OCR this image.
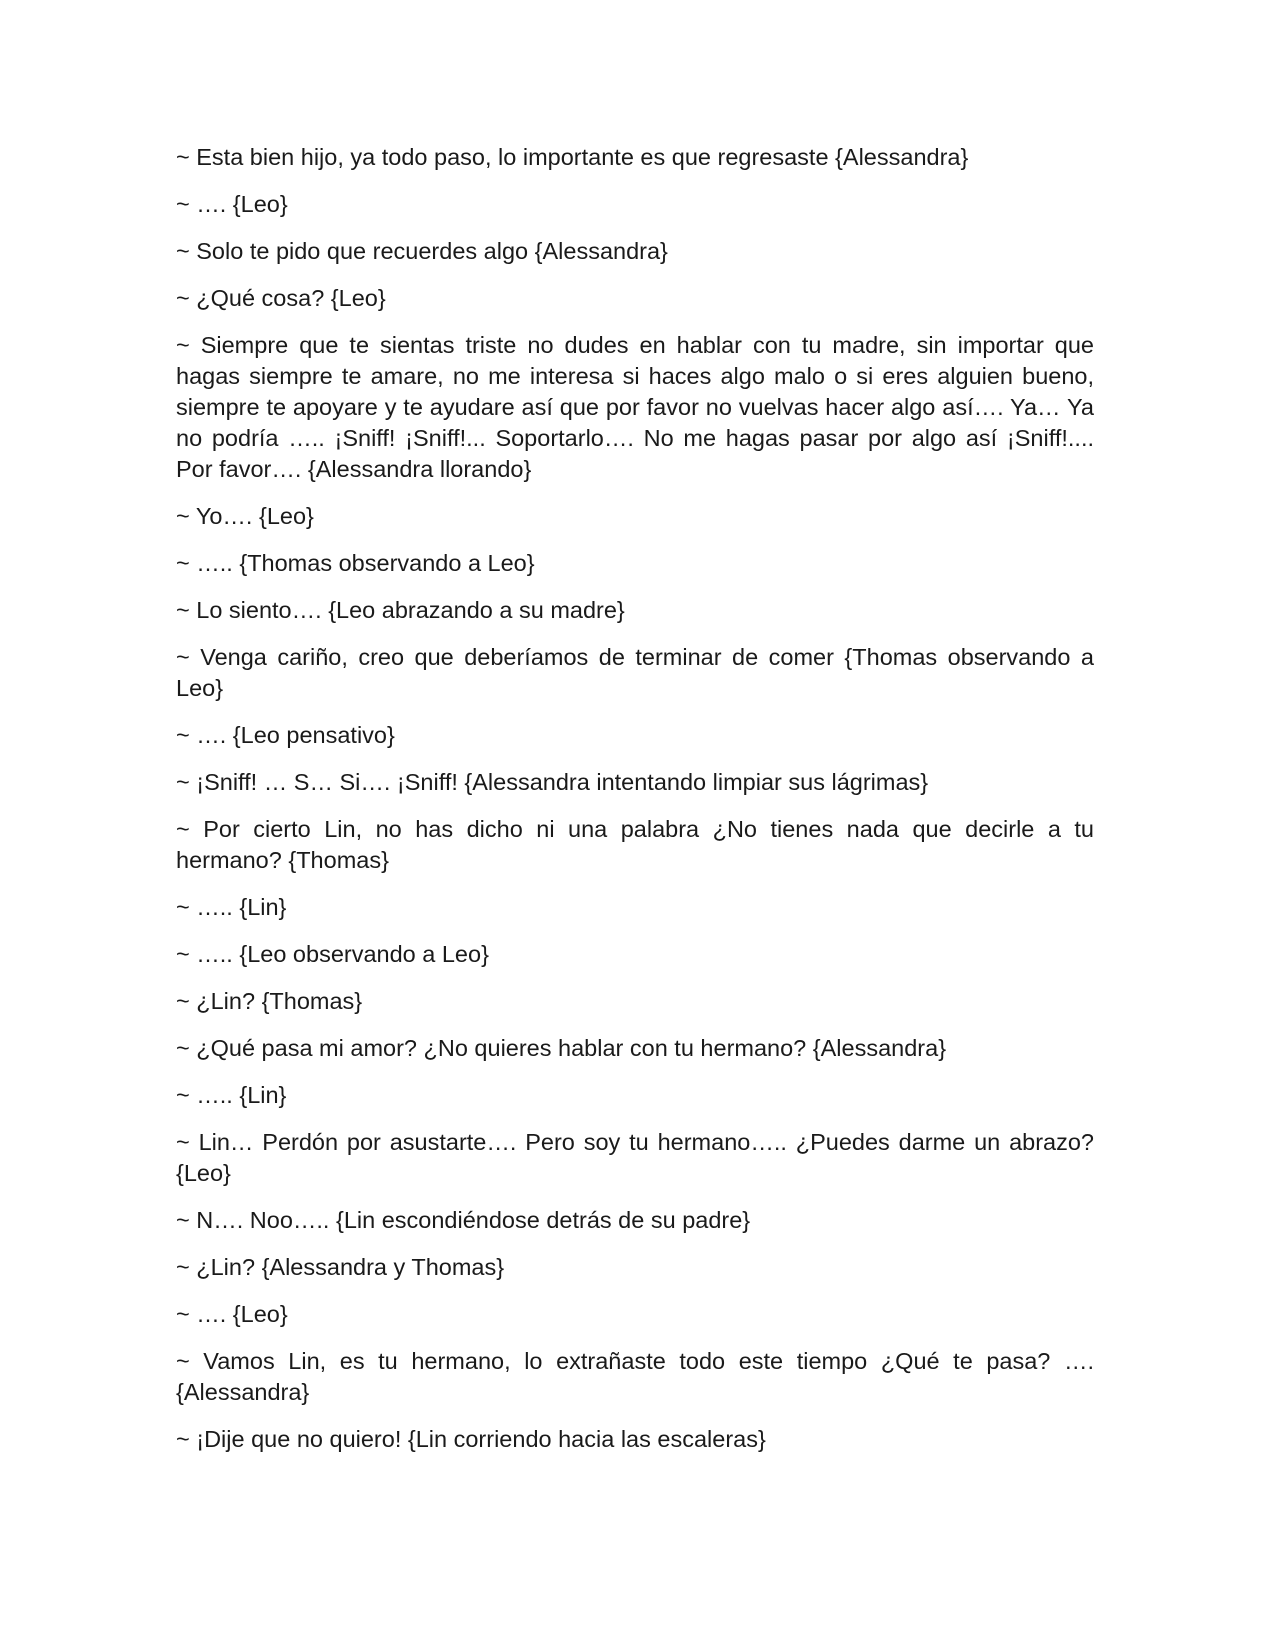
~ Esta bien hijo, ya todo paso, lo importante es que regresaste {Alessandra}

~ …. {Leo}

~ Solo te pido que recuerdes algo {Alessandra}

~ ¿Qué cosa? {Leo}

~ Siempre que te sientas triste no dudes en hablar con tu madre, sin importar que hagas siempre te amare, no me interesa si haces algo malo o si eres alguien bueno, siempre te apoyare y te ayudare así que por favor no vuelvas hacer algo así…. Ya… Ya no podría ….. ¡Sniff! ¡Sniff!... Soportarlo…. No me hagas pasar por algo así ¡Sniff!.... Por favor…. {Alessandra llorando}

~ Yo…. {Leo}

~ ….. {Thomas observando a Leo}

~ Lo siento…. {Leo abrazando a su madre}

~ Venga cariño, creo que deberíamos de terminar de comer {Thomas observando a Leo}

~ …. {Leo pensativo}

~ ¡Sniff! … S… Si…. ¡Sniff! {Alessandra intentando limpiar sus lágrimas}

~ Por cierto Lin, no has dicho ni una palabra ¿No tienes nada que decirle a tu hermano? {Thomas}

~ ….. {Lin}

~ ….. {Leo observando a Leo}

~ ¿Lin? {Thomas}

~ ¿Qué pasa mi amor? ¿No quieres hablar con tu hermano? {Alessandra}

~ ….. {Lin}

~ Lin… Perdón por asustarte…. Pero soy tu hermano….. ¿Puedes darme un abrazo? {Leo}

~ N…. Noo….. {Lin escondiéndose detrás de su padre}

~ ¿Lin? {Alessandra y Thomas}

~ …. {Leo}

~ Vamos Lin, es tu hermano, lo extrañaste todo este tiempo ¿Qué te pasa? …. {Alessandra}

~ ¡Dije que no quiero! {Lin corriendo hacia las escaleras}
